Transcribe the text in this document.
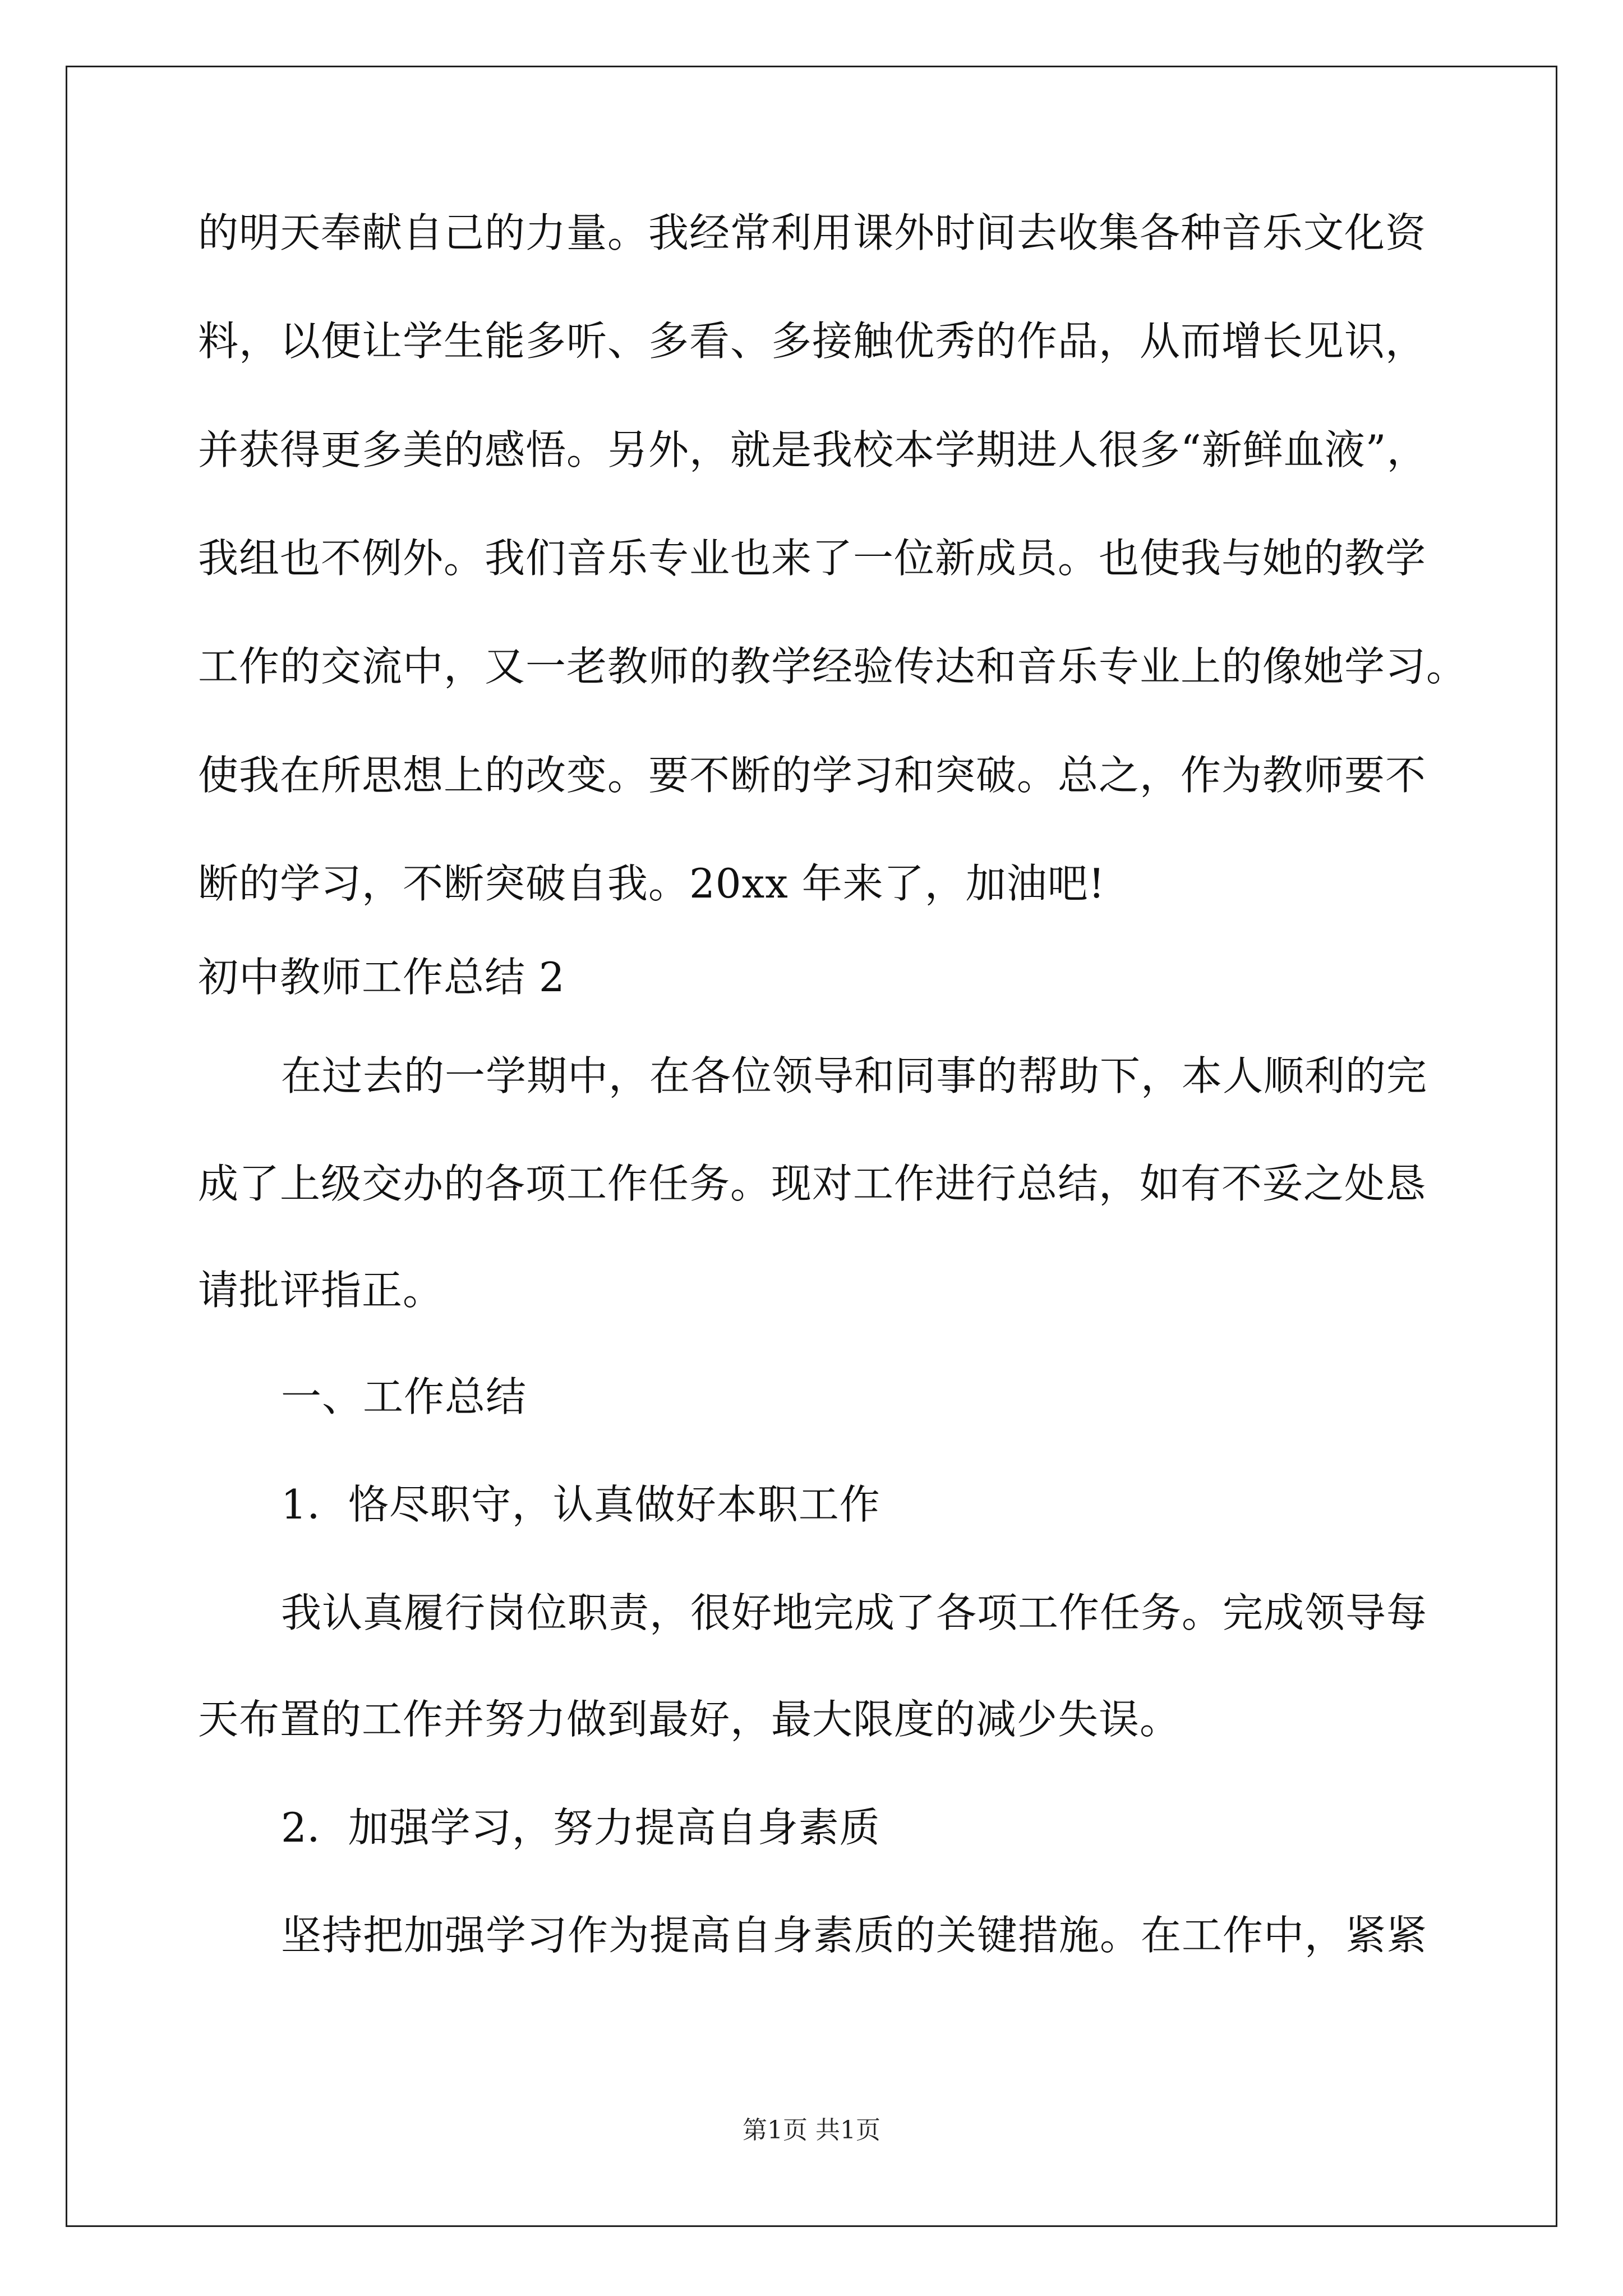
的明天奉献自己的力量。我经常利用课外时间去收集各种音乐文化资
料，以便让学生能多听、多看、多接触优秀的作品，从而增长见识，
并获得更多美的感悟。另外，就是我校本学期进人很多“新鲜血液”，
我组也不例外。我们音乐专业也来了一位新成员。也使我与她的教学
工作的交流中，又一老教师的教学经验传达和音乐专业上的像她学习。
使我在所思想上的改变。要不断的学习和突破。总之，作为教师要不
断的学习，不断突破自我。20xx 年来了，加油吧!
初中教师工作总结 2
在过去的一学期中，在各位领导和同事的帮助下，本人顺利的完
成了上级交办的各项工作任务。现对工作进行总结，如有不妥之处恳
请批评指正。
一、工作总结
1．恪尽职守，认真做好本职工作
我认真履行岗位职责，很好地完成了各项工作任务。完成领导每
天布置的工作并努力做到最好，最大限度的减少失误。
2．加强学习，努力提高自身素质
坚持把加强学习作为提高自身素质的关键措施。在工作中，紧紧
第1页 共1页
